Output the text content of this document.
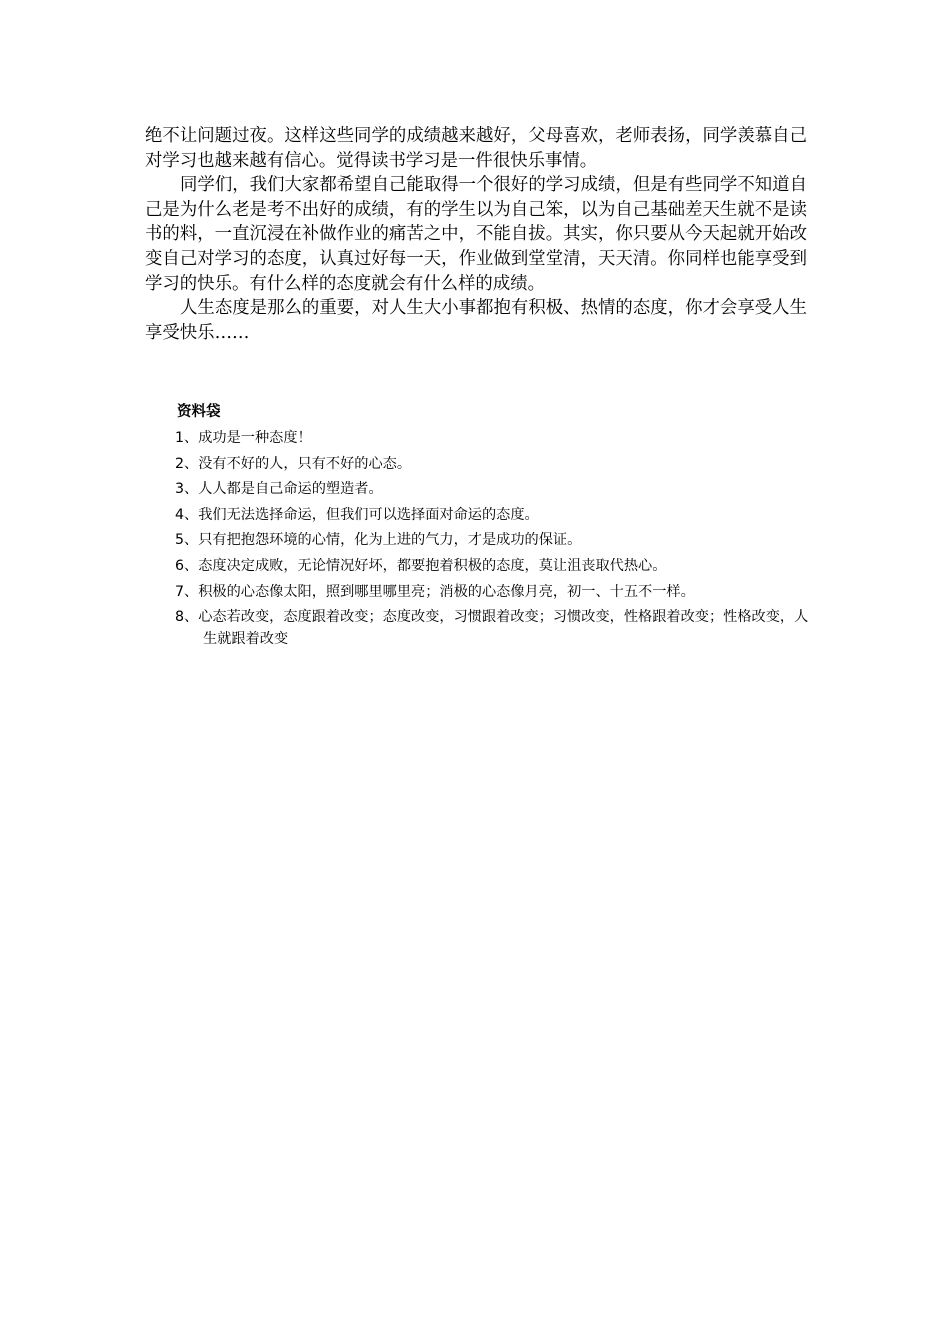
绝不让问题过夜。这样这些同学的成绩越来越好，父母喜欢，老师表扬，同学羡慕自己对学习也越来越有信心。觉得读书学习是一件很快乐事情。

同学们，我们大家都希望自己能取得一个很好的学习成绩，但是有些同学不知道自己是为什么老是考不出好的成绩，有的学生以为自己笨，以为自己基础差天生就不是读书的料，一直沉浸在补做作业的痛苦之中，不能自拔。其实，你只要从今天起就开始改变自己对学习的态度，认真过好每一天，作业做到堂堂清，天天清。你同样也能享受到学习的快乐。有什么样的态度就会有什么样的成绩。

人生态度是那么的重要，对人生大小事都抱有积极、热情的态度，你才会享受人生享受快乐……

资料袋
1、成功是一种态度！
2、没有不好的人，只有不好的心态。
3、人人都是自己命运的塑造者。
4、我们无法选择命运，但我们可以选择面对命运的态度。
5、只有把抱怨环境的心情，化为上进的气力，才是成功的保证。
6、态度决定成败，无论情况好坏，都要抱着积极的态度，莫让沮丧取代热心。
7、积极的心态像太阳，照到哪里哪里亮；消极的心态像月亮，初一、十五不一样。
8、心态若改变，态度跟着改变；态度改变，习惯跟着改变；习惯改变，性格跟着改变；性格改变，人生就跟着改变
